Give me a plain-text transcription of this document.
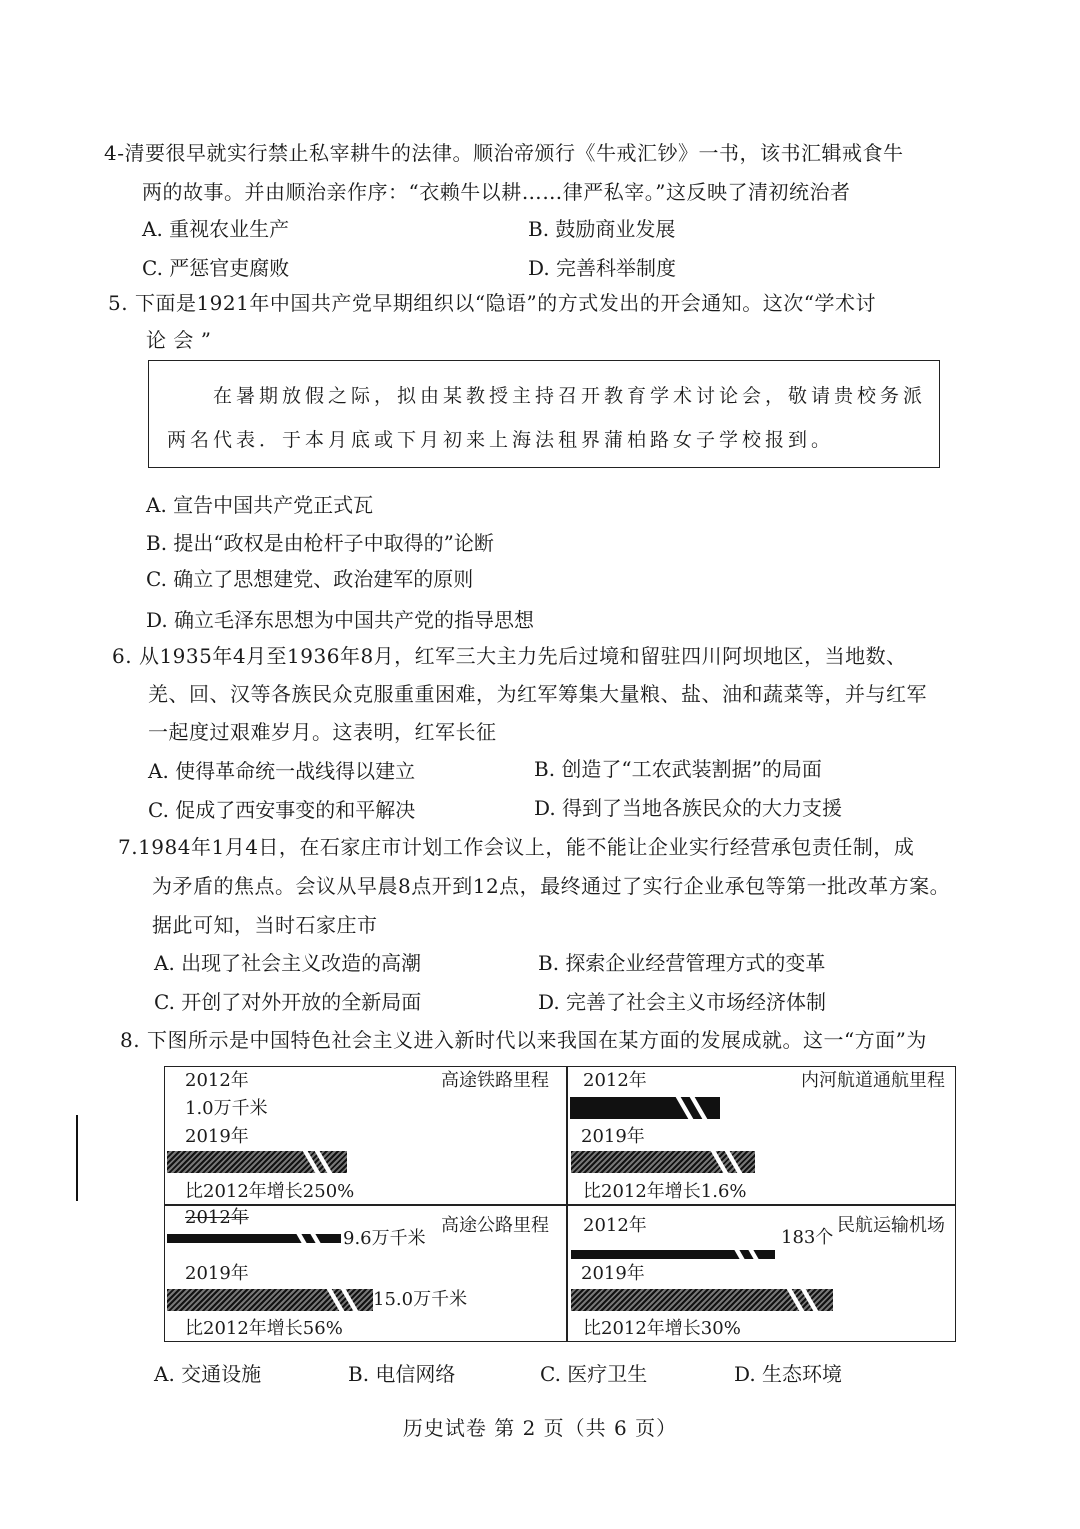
4-清要很早就实行禁止私宰耕牛的法律。顺治帝颁行《牛戒汇钞》一书，该书汇辑戒食牛
两的故事。并由顺治亲作序：“衣赖牛以耕……律严私宰。”这反映了清初统治者
A. 重视农业生产	B. 鼓励商业发展
C. 严惩官吏腐败	D. 完善科举制度
5. 下面是1921年中国共产党早期组织以“隐语”的方式发出的开会通知。这次“学术讨
论 会 ”
在暑期放假之际，拟由某教授主持召开教育学术讨论会，敬请贵校务派
两名代表．于本月底或下月初来上海法租界蒲柏路女子学校报到。
A. 宣告中国共产党正式瓦
B. 提出“政权是由枪杆子中取得的”论断
C. 确立了思想建党、政治建军的原则
D. 确立毛泽东思想为中国共产党的指导思想
6. 从1935年4月至1936年8月，红军三大主力先后过境和留驻四川阿坝地区，当地数、
羌、回、汉等各族民众克服重重困难，为红军筹集大量粮、盐、油和蔬菜等，并与红军
一起度过艰难岁月。这表明，红军长征
A. 使得革命统一战线得以建立	B. 创造了“工农武装割据”的局面
C. 促成了西安事变的和平解决	D. 得到了当地各族民众的大力支援
7.1984年1月4日，在石家庄市计划工作会议上，能不能让企业实行经营承包责任制，成
为矛盾的焦点。会议从早晨8点开到12点，最终通过了实行企业承包等第一批改革方案。
据此可知，当时石家庄市
A. 出现了社会主义改造的高潮	B. 探索企业经营管理方式的变革
C. 开创了对外开放的全新局面	D. 完善了社会主义市场经济体制
8. 下图所示是中国特色社会主义进入新时代以来我国在某方面的发展成就。这一“方面”为
2012年	高途铁路里程
1.0万千米
2019年
比2012年增长250%
2012年	内河航道通航里程
2019年
比2012年增长1.6%
2012年	高途公路里程
9.6万千米
2019年
15.0万千米
比2012年增长56%
2012年	民航运输机场
183个
2019年
比2012年增长30%
A. 交通设施	B. 电信网络	C. 医疗卫生	D. 生态环境
历史试卷 第 2 页（共 6 页）
